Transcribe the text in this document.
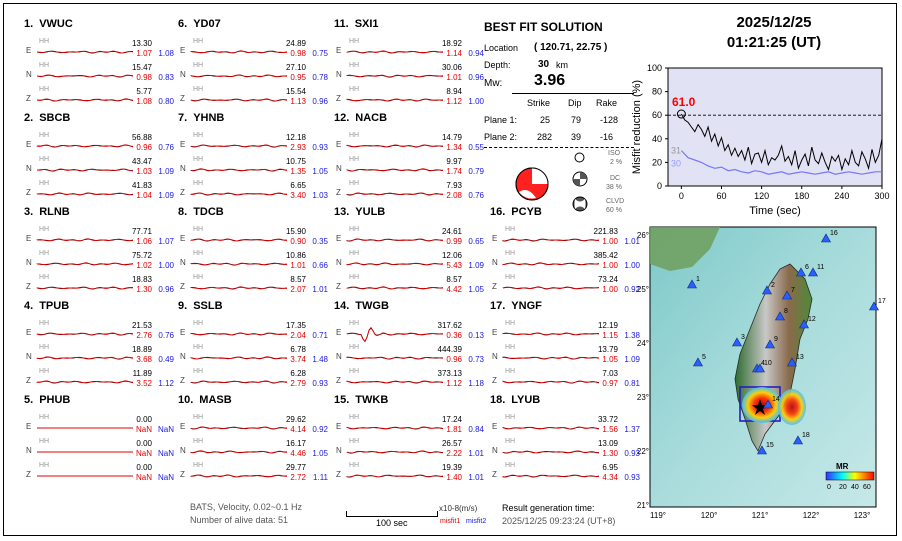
1. VWUC
HH
E
13.30
1.07 1.08
HH
N
15.47
0.98 0.83
HH
Z
5.77
1.08 0.80
2. SBCB
HH
E
56.88
0.96 0.76
HH
N
43.47
1.03 1.09
HH
Z
41.83
1.04 1.09
3. RLNB
HH
E
77.71
1.06 1.07
HH
N
75.72
1.02 1.00
HH
Z
18.83
1.30 0.96
4. TPUB
HH
E
21.53
2.76 0.76
HH
N
18.89
3.68 0.49
HH
Z
11.89
3.52 1.12
5. PHUB
HH
E
0.00
NaN NaN
HH
N
0.00
NaN NaN
HH
Z
0.00
NaN NaN
6. YD07
HH
E
24.89
0.98 0.75
HH
N
27.10
0.95 0.78
HH
Z
15.54
1.13 0.96
7. YHNB
HH
E
12.18
2.93 0.93
HH
N
10.75
1.35 1.05
HH
Z
6.65
3.40 1.03
8. TDCB
HH
E
15.90
0.90 0.35
HH
N
10.86
1.01 0.66
HH
Z
8.57
2.07 1.01
9. SSLB
HH
E
17.35
2.04 0.71
HH
N
6.78
3.74 1.48
HH
Z
6.28
2.79 0.93
10. MASB
HH
E
29.62
4.14 0.92
HH
N
16.17
4.46 1.05
HH
Z
29.77
2.72 1.11
11. SXI1
HH
E
18.92
1.14 0.94
HH
N
30.06
1.01 0.96
HH
Z
8.94
1.12 1.00
12. NACB
HH
E
14.79
1.34 0.55
HH
N
9.97
1.74 0.79
HH
Z
7.93
2.08 0.76
13. YULB
HH
E
24.61
0.99 0.65
HH
N
12.06
5.43 1.09
HH
Z
8.57
4.42 1.05
14. TWGB
HH
E
317.62
0.36 0.13
HH
N
444.39
0.96 0.73
HH
Z
373.13
1.12 1.18
15. TWKB
HH
E
17.24
1.81 0.84
HH
N
26.57
2.22 1.01
HH
Z
19.39
1.40 1.01
16. PCYB
HH
E
221.83
1.00 1.01
HH
N
385.42
1.00 1.00
HH
Z
73.24
1.00 0.92
17. YNGF
HH
E
12.19
1.15 1.38
HH
N
13.79
1.05 1.09
HH
Z
7.03
0.97 0.81
18. LYUB
HH
E
33.72
1.56 1.37
HH
N
13.09
1.30 0.93
HH
Z
6.95
4.34 0.93
BEST FIT SOLUTION
Location ( 120.71, 22.75 )
Depth:	30 km
Mw: 3.96
Strike Dip Rake
Plane 1:	25 79 -128
Plane 2: 282 39 -16
ISO
2 %
DC
38 %
CLVD
60 %
2025/12/25
01:21:25 (UT)
0
20
40
60
80
100
0	60	120	180	240	300
Misfit reduction (%)
Time (sec)
61.0
31
30
1
2
3
4
5
6
7
8
9
10
11
12
13
14
15
16
17
18
26°
25°
24°
23°
22°
21°
119°	120°	121°	122°	123°
MR
0 20 40 60
BATS, Velocity, 0.02~0.1 Hz
Number of alive data: 51	100 sec
x10-8(m/s)
misfit1 misfit2
Result generation time:
2025/12/25 09:23:24 (UT+8)
